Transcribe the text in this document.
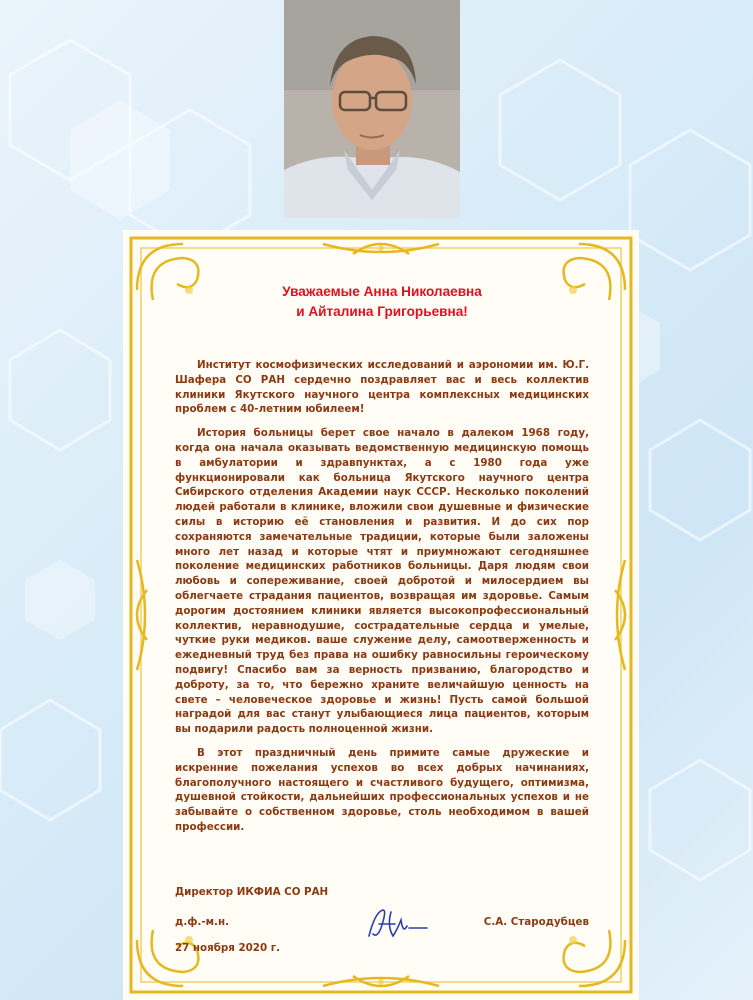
Уважаемые Анна Николаевна
и Айталина Григорьевна!

Институт космофизических исследований и аэрономии им. Ю.Г. Шафера СО РАН сердечно поздравляет вас и весь коллектив клиники Якутского научного центра комплексных медицинских проблем с 40-летним юбилеем!

История больницы берет свое начало в далеком 1968 году, когда она начала оказывать ведомственную медицинскую помощь в амбулатории и здравпунктах, а с 1980 года уже функционировали как больница Якутского научного центра Сибирского отделения Академии наук СССР. Несколько поколений людей работали в клинике, вложили свои душевные и физические силы в историю её становления и развития. И до сих пор сохраняются замечательные традиции, которые были заложены много лет назад и которые чтят и приумножают сегодняшнее поколение медицинских работников больницы. Даря людям свои любовь и сопереживание, своей добротой и милосердием вы облегчаете страдания пациентов, возвращая им здоровье. Самым дорогим достоянием клиники является высокопрофессиональный коллектив, неравнодушие, сострадательные сердца и умелые, чуткие руки медиков. ваше служение делу, самоотверженность и ежедневный труд без права на ошибку равносильны героическому подвигу! Спасибо вам за верность призванию, благородство и доброту, за то, что бережно храните величайшую ценность на свете – человеческое здоровье и жизнь! Пусть самой большой наградой для вас станут улыбающиеся лица пациентов, которым вы подарили радость полноценной жизни.

В этот праздничный день примите самые дружеские и искренние пожелания успехов во всех добрых начинаниях, благополучного настоящего и счастливого будущего, оптимизма, душевной стойкости, дальнейших профессиональных успехов и не забывайте о собственном здоровье, столь необходимом в вашей профессии.

Директор ИКФИА СО РАН
д.ф.-м.н.
27 ноября 2020 г.
С.А. Стародубцев
